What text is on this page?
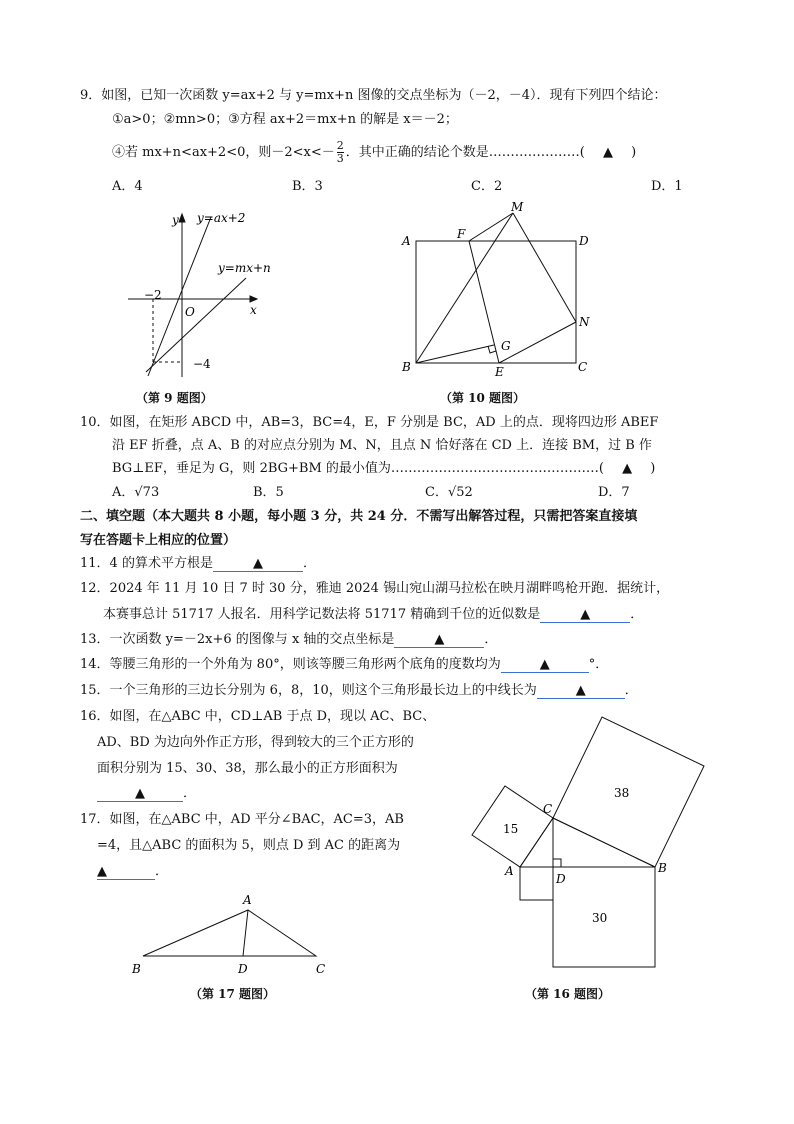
9．如图，已知一次函数 y=ax+2 与 y=mx+n 图像的交点坐标为（－2，－4）．现有下列四个结论：
①a>0；②mn>0；③方程 ax+2＝mx+n 的解是 x＝－2；
④若 mx+n<ax+2<0，则$-2<x<- \frac{2}{3}$ ．其中正确的结论个数是…………………( ▲ )
A．4	B．3	C．2	D．1
y y=ax+2
y=mx+n
−2
O	x
−4
A	F
M
D
N
G
B	E	C
38
15
30
C
A
D
B
A
B	D	C
（第 9 题图）	（第 10 题图）
10．如图，在矩形 ABCD 中，AB=3，BC=4，E，F 分别是 BC，AD 上的点．现将四边形 ABEF
沿 EF 折叠，点 A、B 的对应点分别为 M、N，且点 N 恰好落在 CD 上．连接 BM，过 B 作
BG⊥EF，垂足为 G，则 2BG+BM 的最小值为…………………………………………( ▲ )
A．√73	B．5	C．√52	D．7
二、填空题（本大题共 8 小题，每小题 3 分，共 24 分．不需写出解答过程，只需把答案直接填
写在答题卡上相应的位置）
11．4 的算术平方根是	▲	．
12．2024 年 11 月 10 日 7 时 30 分，雅迪 2024 锡山宛山湖马拉松在映月湖畔鸣枪开跑．据统计，
本赛事总计 51717 人报名．用科学记数法将 51717 精确到千位的近似数是	▲	．
13．一次函数 y=－2x+6 的图像与 x 轴的交点坐标是	▲	．
14．等腰三角形的一个外角为 80°，则该等腰三角形两个底角的度数均为	▲	°．
15．一个三角形的三边长分别为 6，8，10，则这个三角形最长边上的中线长为	▲	．
16．如图，在△ABC 中，CD⊥AB 于点 D，现以 AC、BC、
AD、BD 为边向外作正方形，得到较大的三个正方形的
面积分别为 15、30、38，那么最小的正方形面积为
▲	．
17．如图，在△ABC 中，AD 平分∠BAC，AC=3，AB
=4，且△ABC 的面积为 5，则点 D 到 AC 的距离为
▲	．
（第 17 题图）	（第 16 题图）
